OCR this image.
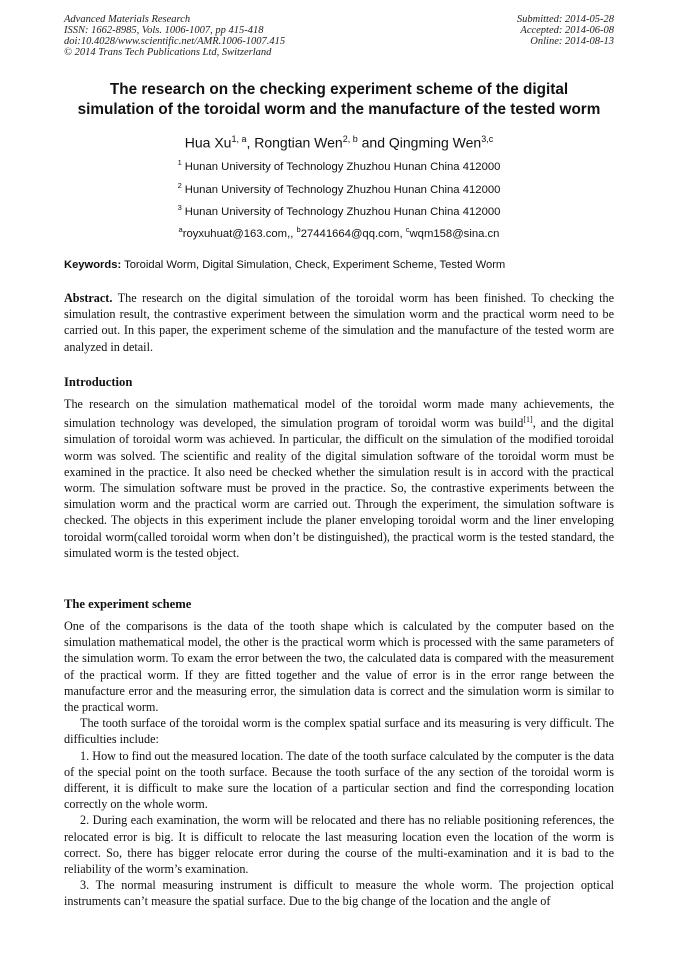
Advanced Materials Research
ISSN: 1662-8985, Vols. 1006-1007, pp 415-418
doi:10.4028/www.scientific.net/AMR.1006-1007.415
© 2014 Trans Tech Publications Ltd, Switzerland
Submitted: 2014-05-28
Accepted: 2014-06-08
Online: 2014-08-13
The research on the checking experiment scheme of the digital
simulation of the toroidal worm and the manufacture of the tested worm
Hua Xu$^{1, a}$, Rongtian Wen$^{2, b}$ and Qingming Wen$^{3,c}$
$^1$ Hunan University of Technology Zhuzhou Hunan China 412000
$^2$ Hunan University of Technology Zhuzhou Hunan China 412000
$^3$ Hunan University of Technology Zhuzhou Hunan China 412000
$^a$royxuhuat@163.com,, $^b$27441664@qq.com, $^c$wqm158@sina.cn
Keywords: Toroidal Worm, Digital Simulation, Check, Experiment Scheme, Tested Worm

Abstract. The research on the digital simulation of the toroidal worm has been finished. To checking the simulation result, the contrastive experiment between the simulation worm and the practical worm need to be carried out. In this paper, the experiment scheme of the simulation and the manufacture of the tested worm are analyzed in detail.

Introduction

The research on the simulation mathematical model of the toroidal worm made many achievements, the simulation technology was developed, the simulation program of toroidal worm was build[1], and the digital simulation of toroidal worm was achieved. In particular, the difficult on the simulation of the modified toroidal worm was solved. The scientific and reality of the digital simulation software of the toroidal worm must be examined in the practice. It also need be checked whether the simulation result is in accord with the practical worm. The simulation software must be proved in the practice. So, the contrastive experiments between the simulation worm and the practical worm are carried out. Through the experiment, the simulation software is checked. The objects in this experiment include the planer enveloping toroidal worm and the liner enveloping toroidal worm(called toroidal worm when don’t be distinguished), the practical worm is the tested standard, the simulated worm is the tested object.

The experiment scheme

One of the comparisons is the data of the tooth shape which is calculated by the computer based on the simulation mathematical model, the other is the practical worm which is processed with the same parameters of the simulation worm. To exam the error between the two, the calculated data is compared with the measurement of the practical worm. If they are fitted together and the value of error is in the error range between the manufacture error and the measuring error, the simulation data is correct and the simulation worm is similar to the practical worm.

The tooth surface of the toroidal worm is the complex spatial surface and its measuring is very difficult. The difficulties include:

1. How to find out the measured location. The date of the tooth surface calculated by the computer is the data of the special point on the tooth surface. Because the tooth surface of the any section of the toroidal worm is different, it is difficult to make sure the location of a particular section and find the corresponding location correctly on the whole worm.

2. During each examination, the worm will be relocated and there has no reliable positioning references, the relocated error is big. It is difficult to relocate the last measuring location even the location of the worm is correct. So, there has bigger relocate error during the course of the multi-examination and it is bad to the reliability of the worm’s examination.

3. The normal measuring instrument is difficult to measure the whole worm. The projection optical instruments can’t measure the spatial surface. Due to the big change of the location and the angle of
